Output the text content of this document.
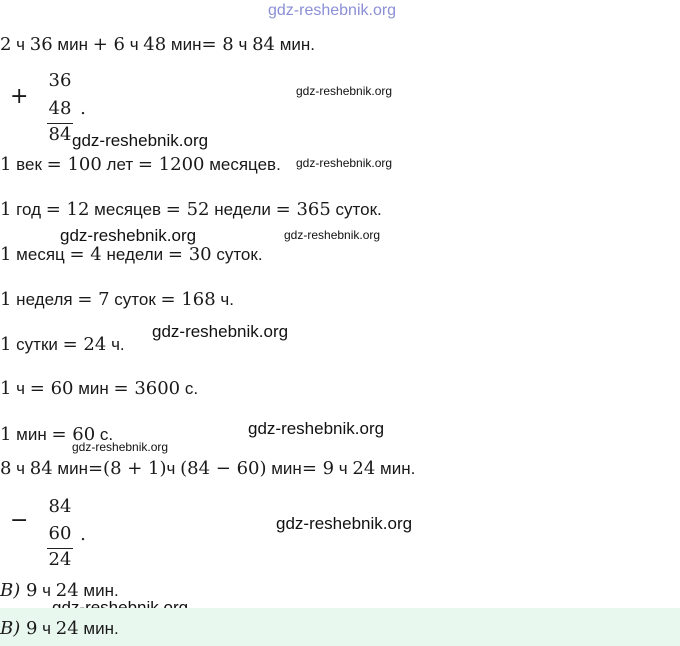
gdz-reshebnik.org
2 ч 36 мин + 6 ч 48 мин= 8 ч 84 мин.
+
36
48
84
.
gdz-reshebnik.org
gdz-reshebnik.org
1 век = 100 лет = 1200 месяцев. gdz-reshebnik.org
1 год = 12 месяцев = 52 недели = 365 суток.
gdz-reshebnik.org	gdz-reshebnik.org
1 месяц = 4 недели = 30 суток.
1 неделя = 7 суток = 168 ч.
gdz-reshebnik.org
1 сутки = 24 ч.
1 ч = 60 мин = 3600 с.
1 мин = 60 с.	gdz-reshebnik.org
gdz-reshebnik.org
8 ч 84 мин=(8 + 1)ч (84 − 60) мин= 9 ч 24 мин.
−
84
60
24
.
gdz-reshebnik.org
B) 9 ч 24 мин.
B) 9 ч 24 мин.
